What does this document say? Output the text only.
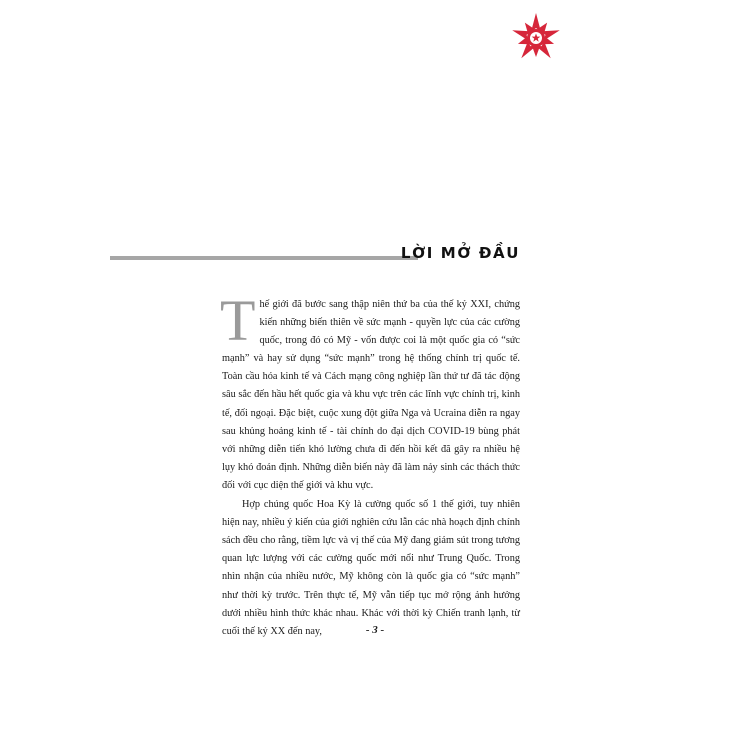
LỜI MỞ ĐẦU

Thế giới đã bước sang thập niên thứ ba của thế kỷ XXI, chứng kiến những biến thiên về sức mạnh - quyền lực của các cường quốc, trong đó có Mỹ - vốn được coi là một quốc gia có “sức mạnh” và hay sử dụng “sức mạnh” trong hệ thống chính trị quốc tế. Toàn cầu hóa kinh tế và Cách mạng công nghiệp lần thứ tư đã tác động sâu sắc đến hầu hết quốc gia và khu vực trên các lĩnh vực chính trị, kinh tế, đối ngoại. Đặc biệt, cuộc xung đột giữa Nga và Ucraina diễn ra ngay sau khủng hoảng kinh tế - tài chính do đại dịch COVID-19 bùng phát với những diễn tiến khó lường chưa đi đến hồi kết đã gây ra nhiều hệ lụy khó đoán định. Những diễn biến này đã làm nảy sinh các thách thức đối với cục diện thế giới và khu vực.

Hợp chúng quốc Hoa Kỳ là cường quốc số 1 thế giới, tuy nhiên hiện nay, nhiều ý kiến của giới nghiên cứu lẫn các nhà hoạch định chính sách đều cho rằng, tiềm lực và vị thế của Mỹ đang giảm sút trong tương quan lực lượng với các cường quốc mới nổi như Trung Quốc. Trong nhìn nhận của nhiều nước, Mỹ không còn là quốc gia có “sức mạnh” như thời kỳ trước. Trên thực tế, Mỹ vẫn tiếp tục mở rộng ảnh hưởng dưới nhiều hình thức khác nhau. Khác với thời kỳ Chiến tranh lạnh, từ cuối thế kỷ XX đến nay,	- 3 -
